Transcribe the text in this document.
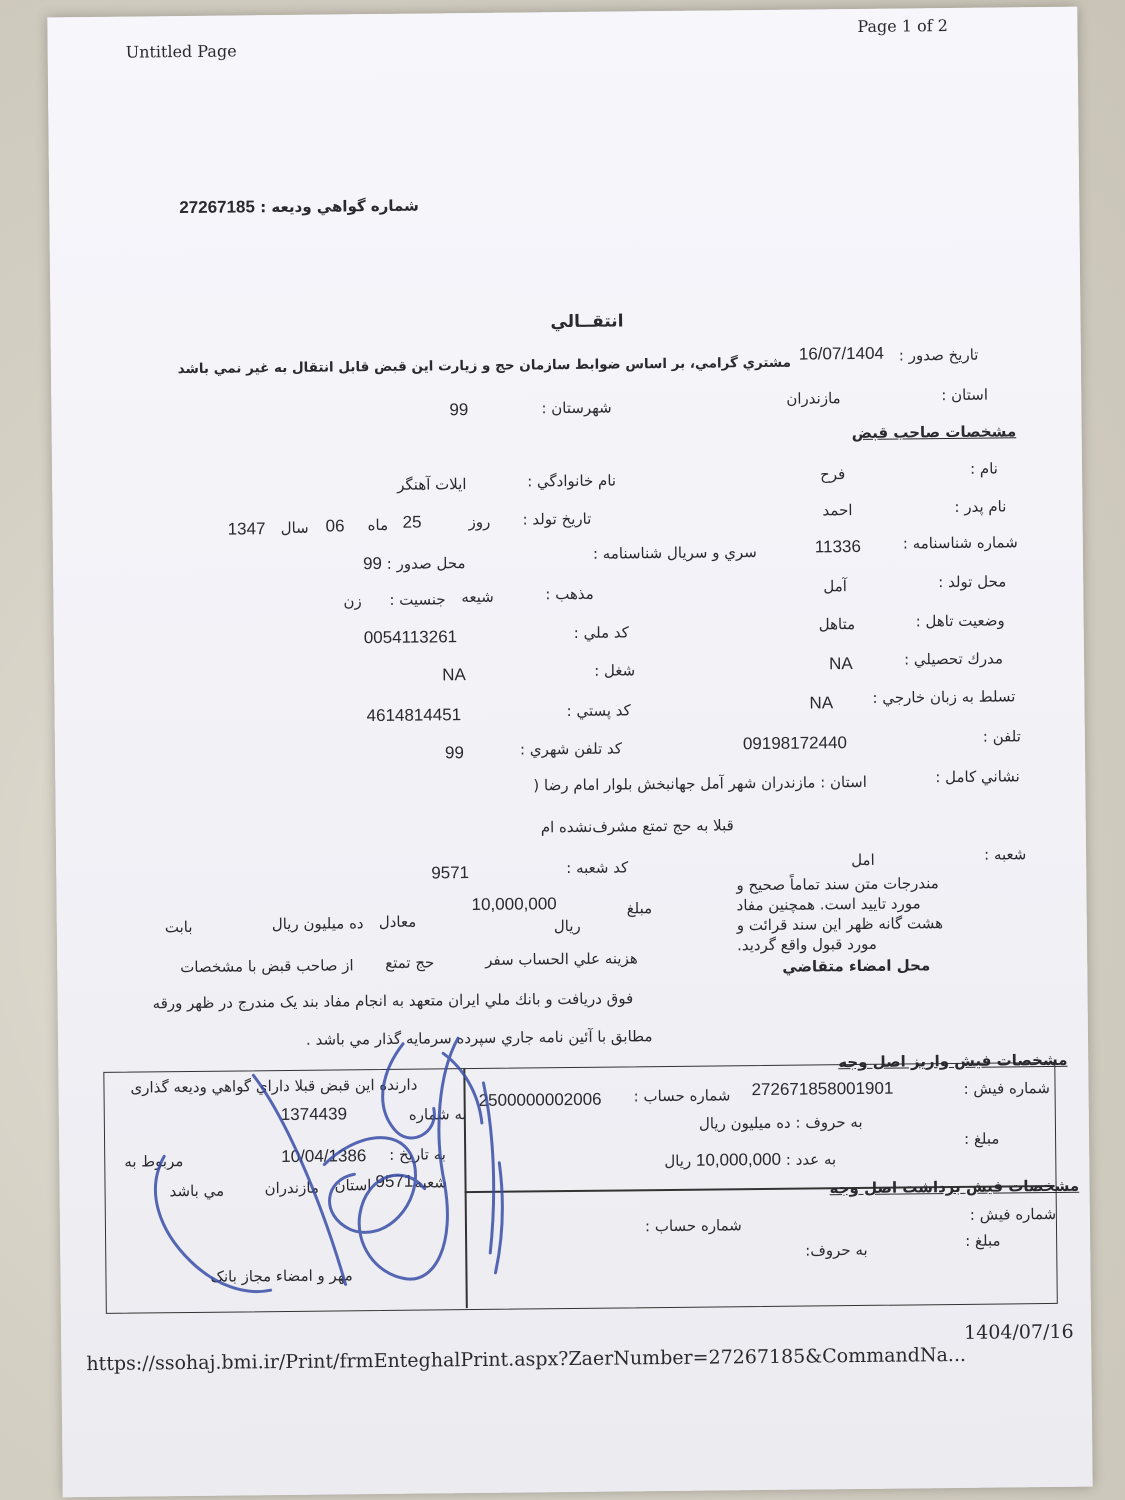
Untitled Page
Page 1 of 2
شماره گواهي وديعه : 27267185
انتقــالي
تاريخ صدور :
16/07/1404
مشتري گرامي، بر اساس ضوابط سازمان حج و زيارت اين قبض قابل انتقال به غير نمي باشد
استان :
مازندران
شهرستان :
99
مشخصات صاحب قبض
نام :
فرح
نام خانوادگي :
ايلات آهنگر
نام پدر :
احمد
تاريخ تولد :
روز
25
ماه
06
سال
1347
شماره شناسنامه :
11336
سري و سريال شناسنامه :
محل صدور : 99
محل تولد :
آمل
مذهب :
شيعه
جنسيت :
زن
وضعيت تاهل :
متاهل
كد ملي :
0054113261
مدرك تحصيلي :
NA
شغل :
NA
تسلط به زبان خارجي :
NA
كد پستي :
4614814451
تلفن :
09198172440
كد تلفن شهري :
99
نشاني كامل :
استان : مازندران شهر آمل جهانبخش بلوار امام رضا (
قبلا به حج تمتع مشرف‌نشده ام
شعبه :
امل
كد شعبه :
9571
مندرجات متن سند تماماً صحيح و
مورد تاييد است. همچنين مفاد
هشت گانه ظهر اين سند قرائت و
مورد قبول واقع گرديد.
محل امضاء متقاضي
مبلغ
10,000,000
ريال
معادل
ده ميليون ريال
بابت
هزينه علي الحساب سفر
حج تمتع
از صاحب قبض با مشخصات
فوق دريافت و بانك ملي ايران متعهد به انجام مفاد بند يک مندرج در ظهر ورقه
مطابق با آئين نامه جاري سپرده سرمايه گذار مي باشد .
مشخصات فيش واريز اصل وجه
شماره فيش :
272671858001901
شماره حساب :
2500000002006
به حروف : ده ميليون ريال
مبلغ :
به عدد : 10,000,000 ريال
مشخصات فيش برداشت اصل وجه
شماره فيش :
شماره حساب :
مبلغ :
به حروف:
دارنده اين قبض قبلا داراي گواهي وديعه گذاری
به شماره
1374439
به تاريخ :
10/04/1386
مربوط به
شعبه
9571
استان
مازندران
مي باشد
مهر و امضاء مجاز بانک
https://ssohaj.bmi.ir/Print/frmEnteghalPrint.aspx?ZaerNumber=27267185&CommandNa...
1404/07/16
